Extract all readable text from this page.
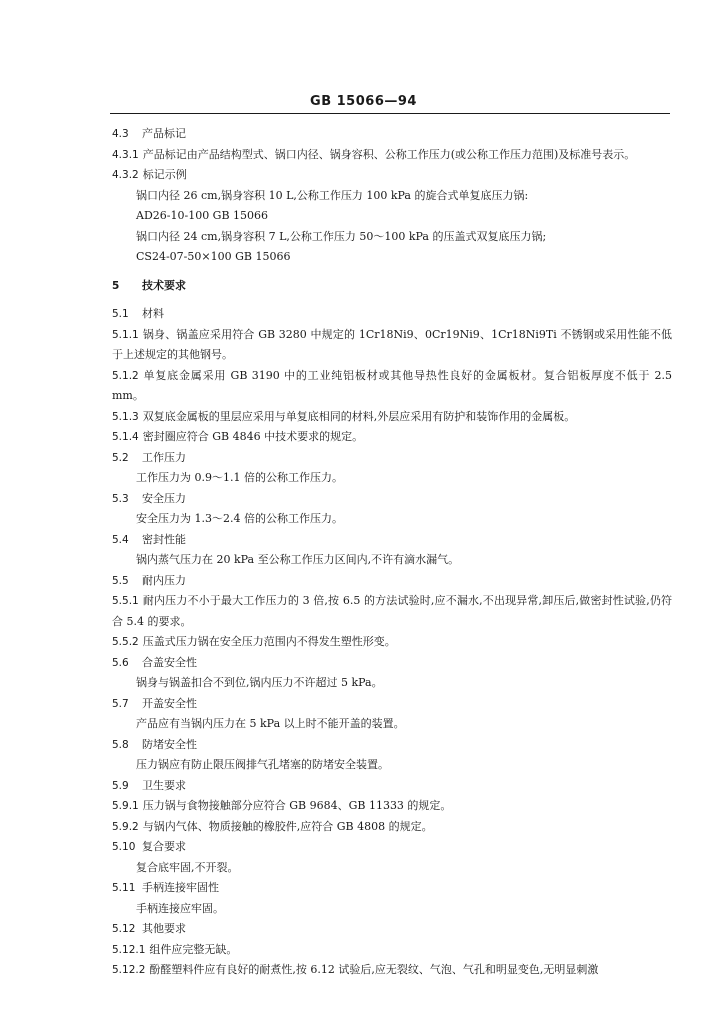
GB 15066—94
4.3 产品标记
4.3.1 产品标记由产品结构型式、锅口内径、锅身容积、公称工作压力(或公称工作压力范围)及标准号表示。
4.3.2 标记示例
锅口内径 26 cm,锅身容积 10 L,公称工作压力 100 kPa 的旋合式单复底压力锅:
AD26-10-100 GB 15066
锅口内径 24 cm,锅身容积 7 L,公称工作压力 50～100 kPa 的压盖式双复底压力锅;
CS24-07-50×100 GB 15066
5 技术要求
5.1 材料
5.1.1 锅身、锅盖应采用符合 GB 3280 中规定的 1Cr18Ni9、0Cr19Ni9、1Cr18Ni9Ti 不锈钢或采用性能不低于上述规定的其他钢号。
5.1.2 单复底金属采用 GB 3190 中的工业纯铝板材或其他导热性良好的金属板材。复合铝板厚度不低于 2.5 mm。
5.1.3 双复底金属板的里层应采用与单复底相同的材料,外层应采用有防护和装饰作用的金属板。
5.1.4 密封圈应符合 GB 4846 中技术要求的规定。
5.2 工作压力
工作压力为 0.9～1.1 倍的公称工作压力。
5.3 安全压力
安全压力为 1.3～2.4 倍的公称工作压力。
5.4 密封性能
锅内蒸气压力在 20 kPa 至公称工作压力区间内,不许有滴水漏气。
5.5 耐内压力
5.5.1 耐内压力不小于最大工作压力的 3 倍,按 6.5 的方法试验时,应不漏水,不出现异常,卸压后,做密封性试验,仍符合 5.4 的要求。
5.5.2 压盖式压力锅在安全压力范围内不得发生塑性形变。
5.6 合盖安全性
锅身与锅盖扣合不到位,锅内压力不许超过 5 kPa。
5.7 开盖安全性
产品应有当锅内压力在 5 kPa 以上时不能开盖的装置。
5.8 防堵安全性
压力锅应有防止限压阀排气孔堵塞的防堵安全装置。
5.9 卫生要求
5.9.1 压力锅与食物接触部分应符合 GB 9684、GB 11333 的规定。
5.9.2 与锅内气体、物质接触的橡胶件,应符合 GB 4808 的规定。
5.10 复合要求
复合底牢固,不开裂。
5.11 手柄连接牢固性
手柄连接应牢固。
5.12 其他要求
5.12.1 组件应完整无缺。
5.12.2 酚醛塑料件应有良好的耐煮性,按 6.12 试验后,应无裂纹、气泡、气孔和明显变色,无明显刺激
